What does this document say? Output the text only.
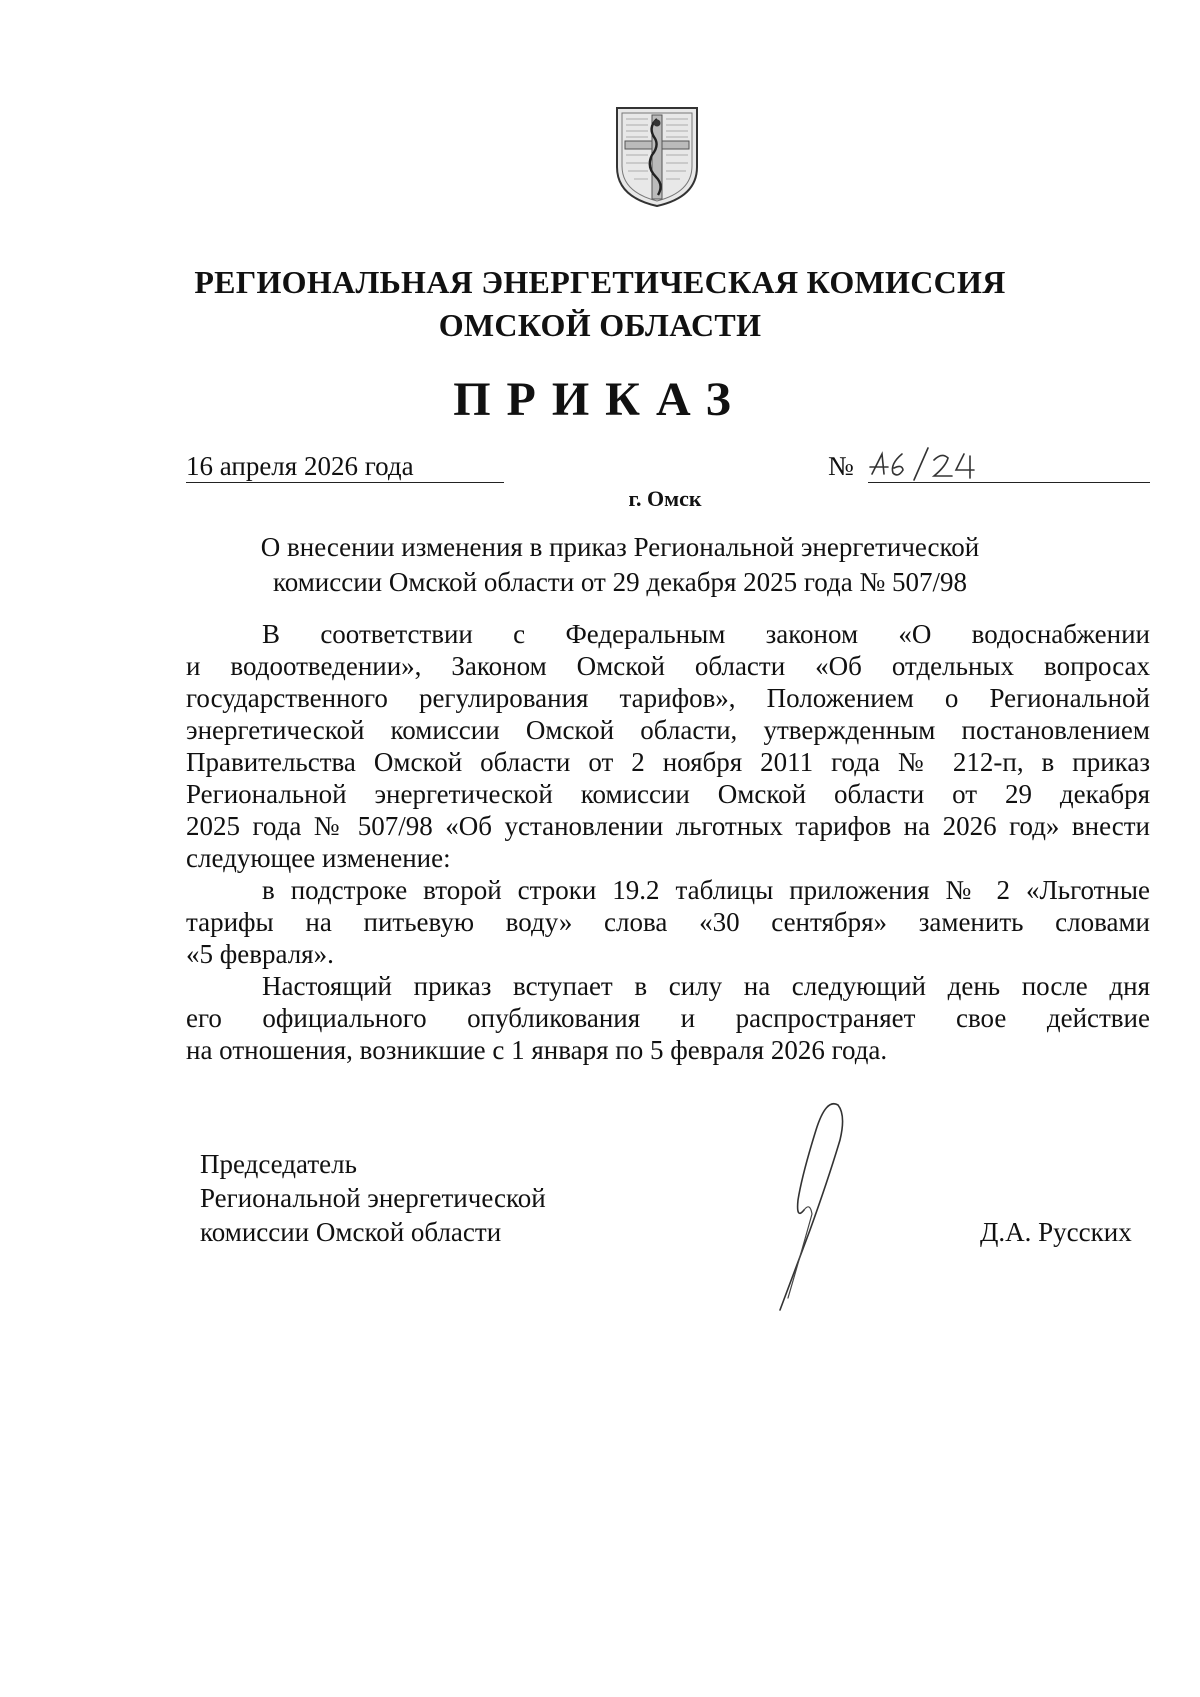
РЕГИОНАЛЬНАЯ ЭНЕРГЕТИЧЕСКАЯ КОМИССИЯ
ОМСКОЙ ОБЛАСТИ
ПРИКАЗ
16 апреля 2026 года	№
г. Омск

О внесении изменения в приказ Региональной энергетической

комиссии Омской области от 29 декабря 2025 года № 507/98

В соответствии с Федеральным законом «О водоснабжении
и водоотведении», Законом Омской области «Об отдельных вопросах
государственного регулирования тарифов», Положением о Региональной
энергетической комиссии Омской области, утвержденным постановлением
Правительства Омской области от 2 ноября 2011 года № 212-п, в приказ
Региональной энергетической комиссии Омской области от 29 декабря
2025 года № 507/98 «Об установлении льготных тарифов на 2026 год» внести
следующее изменение:
в подстроке второй строки 19.2 таблицы приложения № 2 «Льготные
тарифы на питьевую воду» слова «30 сентября» заменить словами
«5 февраля».
Настоящий приказ вступает в силу на следующий день после дня
его официального опубликования и распространяет свое действие
на отношения, возникшие с 1 января по 5 февраля 2026 года.
Председатель
Региональной энергетической
комиссии Омской области	Д.А. Русских
